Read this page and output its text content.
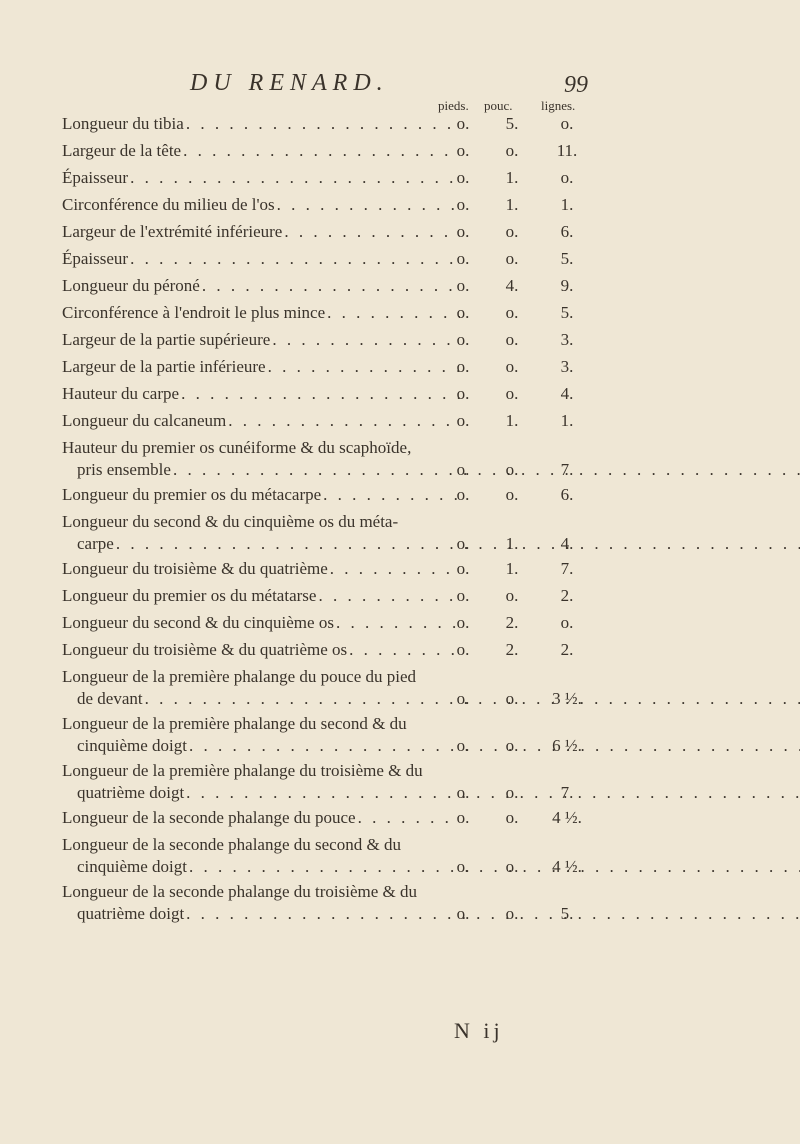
DU RENARD.	99
pieds. pouc. lignes.
Longueur du tibia . . .	o.	5.	o.
Largeur de la tête . . .	o.	o.	11.
Épaisseur . . .	o.	1.	o.
Circonférence du milieu de l'os . . .	o.	1.	1.
Largeur de l'extrémité inférieure . . .	o.	o.	6.
Épaisseur . . .	o.	o.	5.
Longueur du péroné . . .	o.	4.	9.
Circonférence à l'endroit le plus mince . . .	o.	o.	5.
Largeur de la partie supérieure . . .	o.	o.	3.
Largeur de la partie inférieure . . .	o.	o.	3.
Hauteur du carpe . . .	o.	o.	4.
Longueur du calcaneum . . .	o.	1.	1.
Hauteur du premier os cunéiforme & du scaphoïde,
pris ensemble . . .	o.	o.	7.
Longueur du premier os du métacarpe . . .	o.	o.	6.
Longueur du second & du cinquième os du méta-
carpe . . .	o.	1.	4.
Longueur du troisième & du quatrième . . .	o.	1.	7.
Longueur du premier os du métatarse . . .	o.	o.	2.
Longueur du second & du cinquième os . . .	o.	2.	o.
Longueur du troisième & du quatrième os . . .	o.	2.	2.
Longueur de la première phalange du pouce du pied
de devant . . .	o.	o.	3 ½.
Longueur de la première phalange du second & du
cinquième doigt . . .	o.	o.	6 ½.
Longueur de la première phalange du troisième & du
quatrième doigt . . .	o.	o.	7.
Longueur de la seconde phalange du pouce . . .	o.	o.	4 ½.
Longueur de la seconde phalange du second & du
cinquième doigt . . .	o.	o.	4 ½.
Longueur de la seconde phalange du troisième & du
quatrième doigt . . .	o.	o.	5.
N ij
